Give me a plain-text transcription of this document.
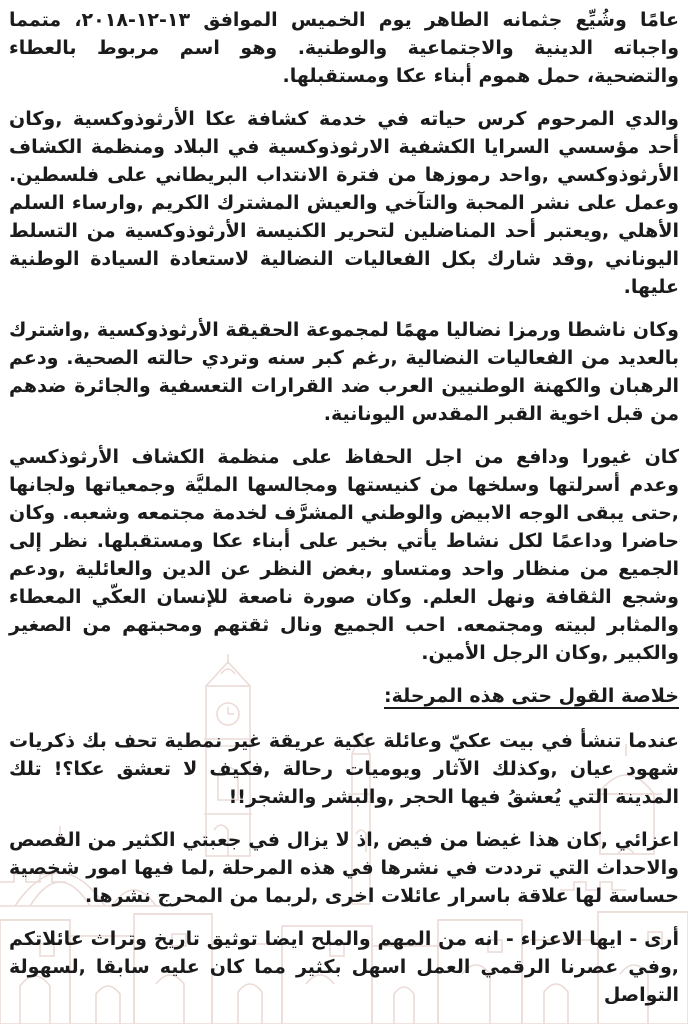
عامًا وشُيِّع جثمانه الطاهر يوم الخميس الموافق ١٣-١٢-٢٠١٨، متمما واجباته الدينية والاجتماعية والوطنية. وهو اسم مربوط بالعطاء والتضحية، حمل هموم أبناء عكا ومستقبلها.

والدي المرحوم كرس حياته في خدمة كشافة عكا الأرثوذوكسية ,وكان أحد مؤسسي السرايا الكشفية الارثوذوكسية في البلاد ومنظمة الكشاف الأرثوذوكسي ,واحد رموزها من فترة الانتداب البريطاني على فلسطين. وعمل على نشر المحبة والتآخي والعيش المشترك الكريم ,وارساء السلم الأهلي ,ويعتبر أحد المناضلين لتحرير الكنيسة الأرثوذوكسية من التسلط اليوناني ,وقد شارك بكل الفعاليات النضالية لاستعادة السيادة الوطنية عليها.

وكان ناشطا ورمزا نضاليا مهمًا لمجموعة الحقيقة الأرثوذوكسية ,واشترك بالعديد من الفعاليات النضالية ,رغم كبر سنه وتردي حالته الصحية. ودعم الرهبان والكهنة الوطنيين العرب ضد القرارات التعسفية والجائرة ضدهم من قبل اخوية القبر المقدس اليونانية.

كان غيورا ودافع من اجل الحفاظ على منظمة الكشاف الأرثوذكسي وعدم أسرلتها وسلخها من كنيستها ومجالسها المليَّة وجمعياتها ولجانها ,حتى يبقى الوجه الابيض والوطني المشرَّف لخدمة مجتمعه وشعبه. وكان حاضرا وداعمًا لكل نشاط يأتي بخير على أبناء عكا ومستقبلها. نظر إلى الجميع من منظار واحد ومتساو ,بغض النظر عن الدين والعائلية ,ودعم وشجع الثقافة ونهل العلم. وكان صورة ناصعة للإنسان العكّي المعطاء والمثابر لبيته ومجتمعه. احب الجميع ونال ثقتهم ومحبتهم من الصغير والكبير ,وكان الرجل الأمين.

خلاصة القول حتى هذه المرحلة:

عندما تنشأ في بيت عكيّ وعائلة عكية عريقة غير نمطية تحف بك ذكريات شهود عيان ,وكذلك الآثار ويوميات رحالة ,فكيف لا تعشق عكا؟! تلك المدينة التي يُعشقُ فيها الحجر ,والبشر والشجر!!

اعزائي ,كان هذا غيضا من فيض ,اذ لا يزال في جعبتي الكثير من القصص والاحداث التي ترددت في نشرها في هذه المرحلة ,لما فيها امور شخصية حساسة لها علاقة باسرار عائلات اخرى ,لربما من المحرج نشرها.

أرى - ايها الاعزاء - انه من المهم والملح ايضا توثيق تاريخ وتراث عائلاتكم ,وفي عصرنا الرقمي العمل اسهل بكثير مما كان عليه سابقا ,لسهولة التواصل
